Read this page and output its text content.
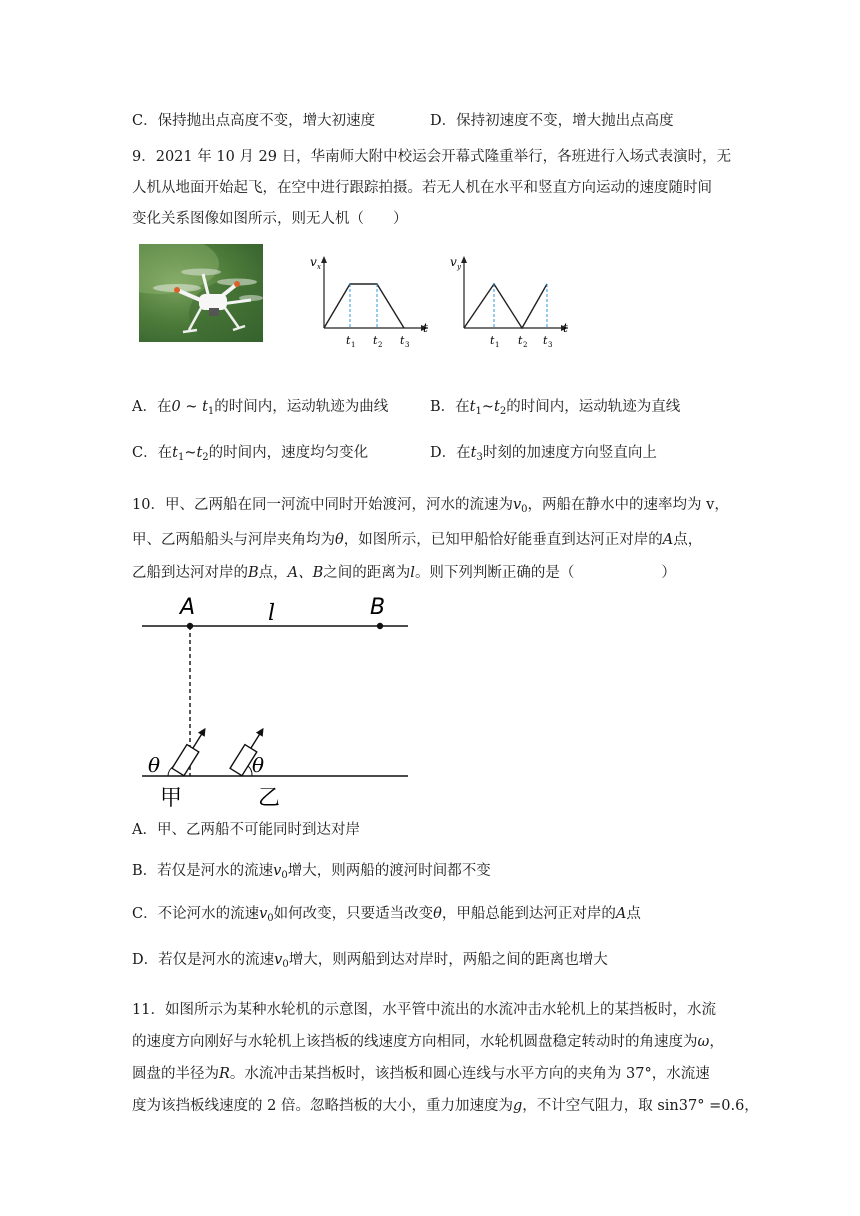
C．保持抛出点高度不变，增大初速度	D．保持初速度不变，增大抛出点高度
9．2021 年 10 月 29 日，华南师大附中校运会开幕式隆重举行，各班进行入场式表演时，无
人机从地面开始起飞，在空中进行跟踪拍摄。若无人机在水平和竖直方向运动的速度随时间
变化关系图像如图所示，则无人机（　　）
v x
t
t 1 t 2 t 3
v y
t
t 1 t 2 t 3
A．在0 ~ $t_1$的时间内，运动轨迹为曲线	B．在$t_1\sim t_2$的时间内，运动轨迹为直线
C．在$t_1\sim t_2$的时间内，速度均匀变化	D．在$t_3$时刻的加速度方向竖直向上
10．甲、乙两船在同一河流中同时开始渡河，河水的流速为$v_0$，两船在静水中的速率均为 v，
甲、乙两船船头与河岸夹角均为θ，如图所示，已知甲船恰好能垂直到达河正对岸的A点，
乙船到达河对岸的B点，A、B之间的距离为l。则下列判断正确的是（　　　　　　）
A	l	B
θ	θ
甲	乙
A．甲、乙两船不可能同时到达对岸
B．若仅是河水的流速$v_0$增大，则两船的渡河时间都不变
C．不论河水的流速$v_0$如何改变，只要适当改变θ，甲船总能到达河正对岸的A点
D．若仅是河水的流速$v_0$增大，则两船到达对岸时，两船之间的距离也增大
11．如图所示为某种水轮机的示意图，水平管中流出的水流冲击水轮机上的某挡板时，水流
的速度方向刚好与水轮机上该挡板的线速度方向相同，水轮机圆盘稳定转动时的角速度为ω，
圆盘的半径为R。水流冲击某挡板时，该挡板和圆心连线与水平方向的夹角为 37°，水流速
度为该挡板线速度的 2 倍。忽略挡板的大小，重力加速度为g，不计空气阻力，取 sin37° =0.6，
